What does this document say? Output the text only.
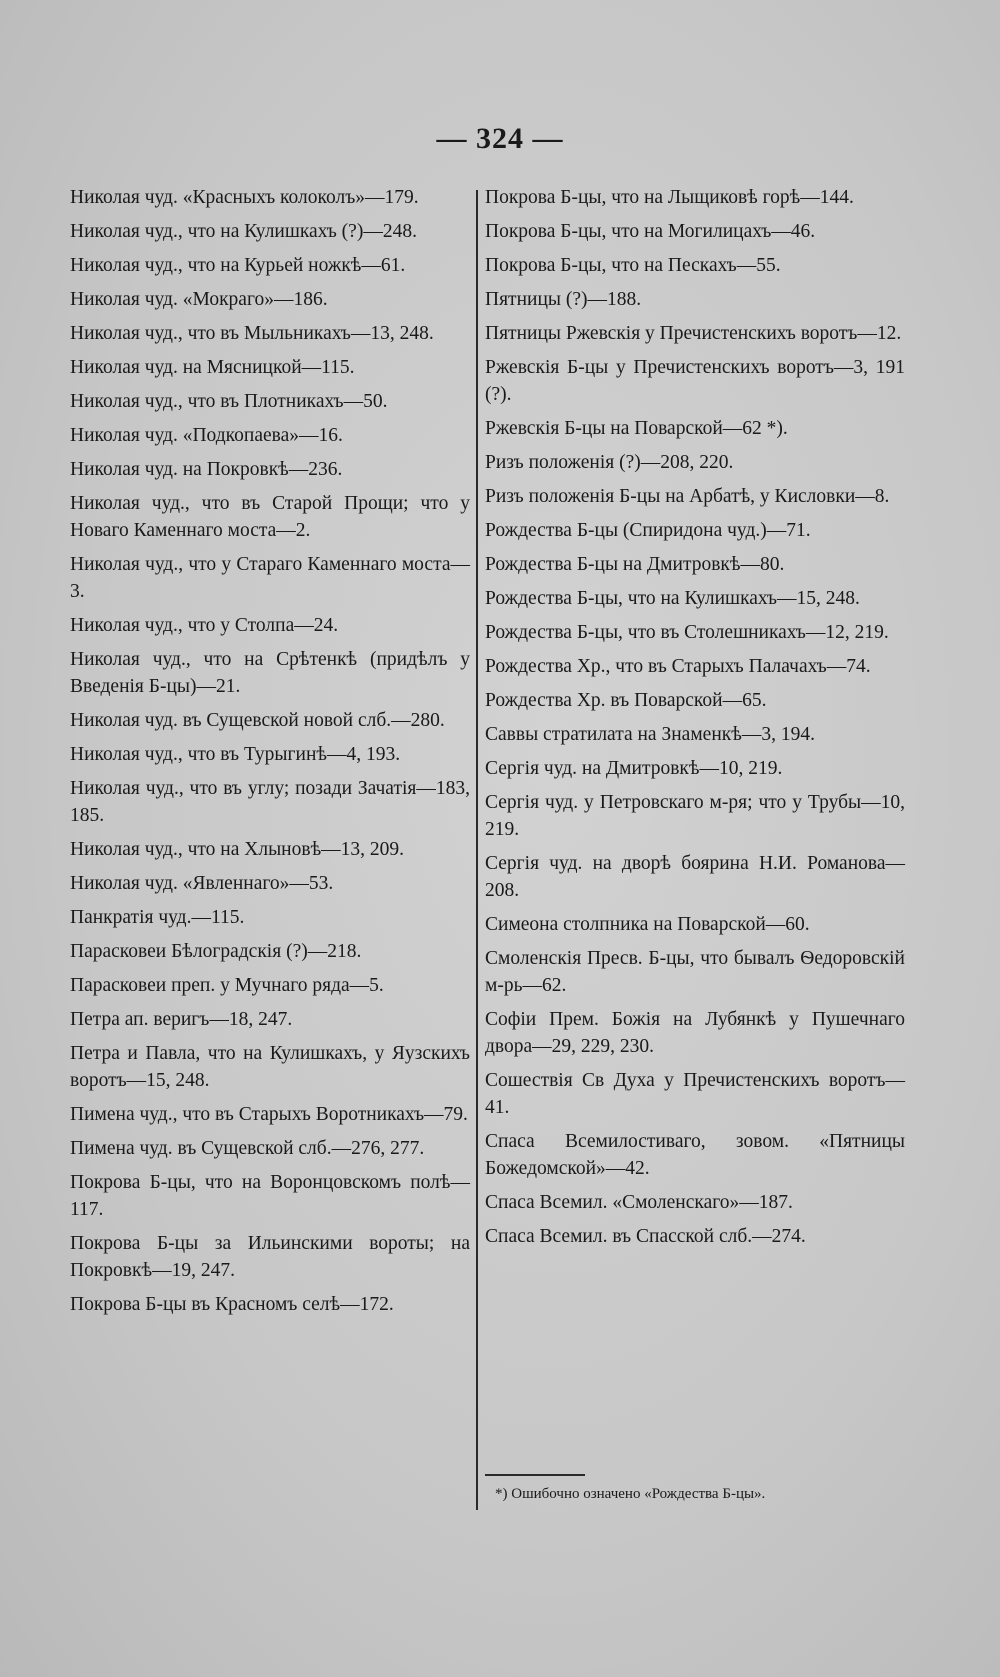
— 324 —

Николая чуд. «Красныхъ колоколъ»—179.

Николая чуд., что на Кулишкахъ (?)—248.

Николая чуд., что на Курьей ножкѣ—61.

Николая чуд. «Мокраго»—186.

Николая чуд., что въ Мыльникахъ—13, 248.

Николая чуд. на Мясницкой—115.

Николая чуд., что въ Плотникахъ—50.

Николая чуд. «Подкопаева»—16.

Николая чуд. на Покровкѣ—236.

Николая чуд., что въ Старой Прощи; что у Новаго Каменнаго моста—2.

Николая чуд., что у Стараго Каменнаго моста—3.

Николая чуд., что у Столпа—24.

Николая чуд., что на Срѣтенкѣ (придѣлъ у Введенія Б-цы)—21.

Николая чуд. въ Сущевской новой слб.—280.

Николая чуд., что въ Турыгинѣ—4, 193.

Николая чуд., что въ углу; позади Зачатія—183, 185.

Николая чуд., что на Хлыновѣ—13, 209.

Николая чуд. «Явленнаго»—53.

Панкратія чуд.—115.

Парасковеи Бѣлоградскія (?)—218.

Парасковеи преп. у Мучнаго ряда—5.

Петра ап. веригъ—18, 247.

Петра и Павла, что на Кулишкахъ, у Яузскихъ воротъ—15, 248.

Пимена чуд., что въ Старыхъ Воротникахъ—79.

Пимена чуд. въ Сущевской слб.—276, 277.

Покрова Б-цы, что на Воронцовскомъ полѣ—117.

Покрова Б-цы за Ильинскими вороты; на Покровкѣ—19, 247.

Покрова Б-цы въ Красномъ селѣ—172.

Покрова Б-цы, что на Лыщиковѣ горѣ—144.

Покрова Б-цы, что на Могилицахъ—46.

Покрова Б-цы, что на Пескахъ—55.

Пятницы (?)—188.

Пятницы Ржевскія у Пречистенскихъ воротъ—12.

Ржевскія Б-цы у Пречистенскихъ воротъ—3, 191 (?).

Ржевскія Б-цы на Поварской—62 *).

Ризъ положенія (?)—208, 220.

Ризъ положенія Б-цы на Арбатѣ, у Кисловки—8.

Рождества Б-цы (Спиридона чуд.)—71.

Рождества Б-цы на Дмитровкѣ—80.

Рождества Б-цы, что на Кулишкахъ—15, 248.

Рождества Б-цы, что въ Столешникахъ—12, 219.

Рождества Хр., что въ Старыхъ Палачахъ—74.

Рождества Хр. въ Поварской—65.

Саввы стратилата на Знаменкѣ—3, 194.

Сергія чуд. на Дмитровкѣ—10, 219.

Сергія чуд. у Петровскаго м-ря; что у Трубы—10, 219.

Сергія чуд. на дворѣ боярина Н.И. Романова—208.

Симеона столпника на Поварской—60.

Смоленскія Пресв. Б-цы, что бывалъ Ѳедоровскій м-рь—62.

Софіи Прем. Божія на Лубянкѣ у Пушечнаго двора—29, 229, 230.

Сошествія Св Духа у Пречистенскихъ воротъ—41.

Спаса Всемилостиваго, зовом. «Пятницы Божедомской»—42.

Спаса Всемил. «Смоленскаго»—187.

Спаса Всемил. въ Спасской слб.—274.

*) Ошибочно означено «Рождества Б-цы».
